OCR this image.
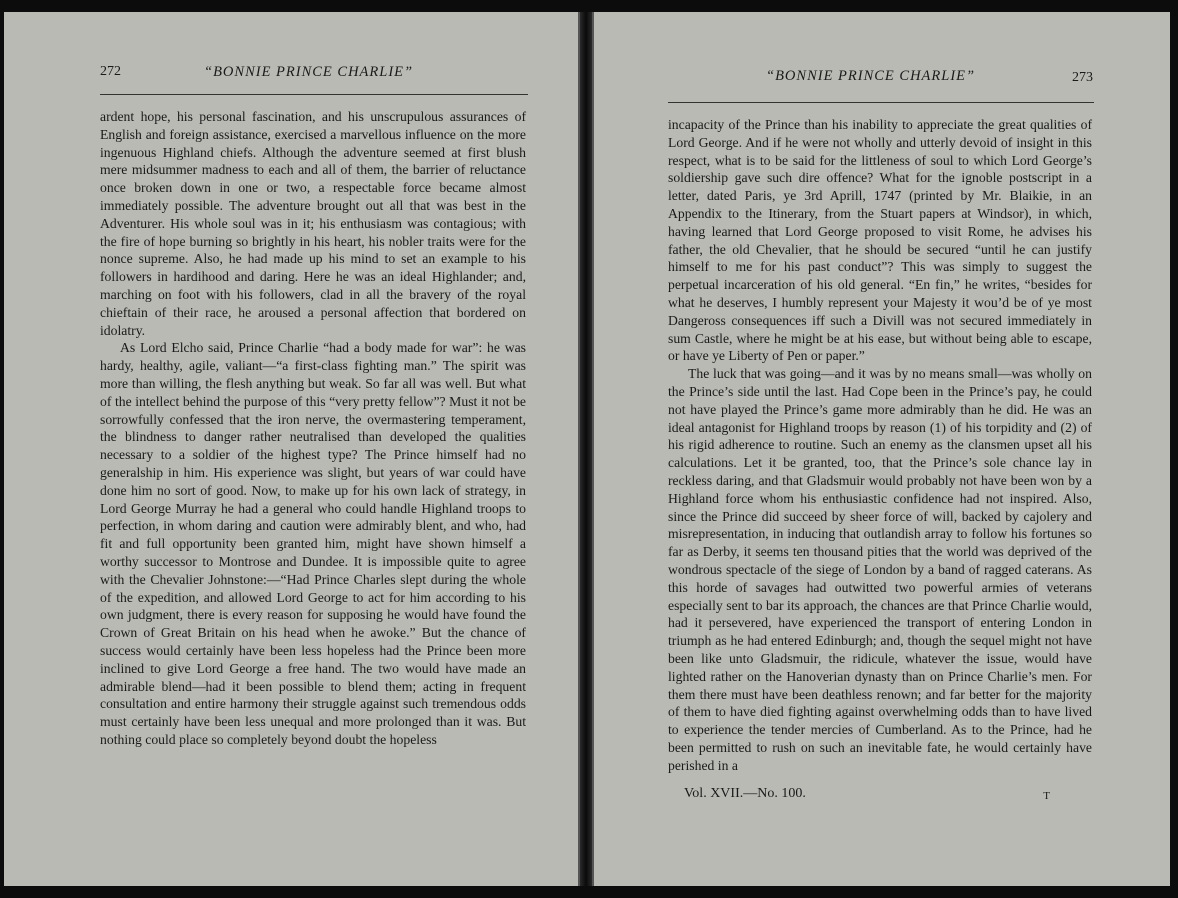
272	“BONNIE PRINCE CHARLIE”

ardent hope, his personal fascination, and his unscrupulous assurances of English and foreign assistance, exercised a marvellous influence on the more ingenuous Highland chiefs. Although the adventure seemed at first blush mere midsummer madness to each and all of them, the barrier of reluctance once broken down in one or two, a respectable force became almost immediately possible. The adventure brought out all that was best in the Adventurer. His whole soul was in it; his enthusiasm was contagious; with the fire of hope burning so brightly in his heart, his nobler traits were for the nonce supreme. Also, he had made up his mind to set an example to his followers in hardihood and daring. Here he was an ideal Highlander; and, marching on foot with his followers, clad in all the bravery of the royal chieftain of their race, he aroused a personal affection that bordered on idolatry.

As Lord Elcho said, Prince Charlie “had a body made for war”: he was hardy, healthy, agile, valiant—“a first-class fighting man.” The spirit was more than willing, the flesh anything but weak. So far all was well. But what of the intellect behind the purpose of this “very pretty fellow”? Must it not be sorrowfully confessed that the iron nerve, the overmastering temperament, the blindness to danger rather neutralised than developed the qualities necessary to a soldier of the highest type? The Prince himself had no generalship in him. His experience was slight, but years of war could have done him no sort of good. Now, to make up for his own lack of strategy, in Lord George Murray he had a general who could handle Highland troops to perfection, in whom daring and caution were admirably blent, and who, had fit and full opportunity been granted him, might have shown himself a worthy successor to Montrose and Dundee. It is impossible quite to agree with the Chevalier Johnstone:—“Had Prince Charles slept during the whole of the expedition, and allowed Lord George to act for him according to his own judgment, there is every reason for supposing he would have found the Crown of Great Britain on his head when he awoke.” But the chance of success would certainly have been less hopeless had the Prince been more inclined to give Lord George a free hand. The two would have made an admirable blend—had it been possible to blend them; acting in frequent consultation and entire harmony their struggle against such tremendous odds must certainly have been less unequal and more prolonged than it was. But nothing could place so completely beyond doubt the hopeless

“BONNIE PRINCE CHARLIE”	273

incapacity of the Prince than his inability to appreciate the great qualities of Lord George. And if he were not wholly and utterly devoid of insight in this respect, what is to be said for the littleness of soul to which Lord George’s soldiership gave such dire offence? What for the ignoble postscript in a letter, dated Paris, ye 3rd Aprill, 1747 (printed by Mr. Blaikie, in an Appendix to the Itinerary, from the Stuart papers at Windsor), in which, having learned that Lord George proposed to visit Rome, he advises his father, the old Chevalier, that he should be secured “until he can justify himself to me for his past conduct”? This was simply to suggest the perpetual incarceration of his old general. “En fin,” he writes, “besides for what he deserves, I humbly represent your Majesty it wou’d be of ye most Dangeross consequences iff such a Divill was not secured immediately in sum Castle, where he might be at his ease, but without being able to escape, or have ye Liberty of Pen or paper.”

The luck that was going—and it was by no means small—was wholly on the Prince’s side until the last. Had Cope been in the Prince’s pay, he could not have played the Prince’s game more admirably than he did. He was an ideal antagonist for Highland troops by reason (1) of his torpidity and (2) of his rigid adherence to routine. Such an enemy as the clansmen upset all his calculations. Let it be granted, too, that the Prince’s sole chance lay in reckless daring, and that Gladsmuir would probably not have been won by a Highland force whom his enthusiastic confidence had not inspired. Also, since the Prince did succeed by sheer force of will, backed by cajolery and misrepresentation, in inducing that outlandish array to follow his fortunes so far as Derby, it seems ten thousand pities that the world was deprived of the wondrous spectacle of the siege of London by a band of ragged caterans. As this horde of savages had outwitted two powerful armies of veterans especially sent to bar its approach, the chances are that Prince Charlie would, had it persevered, have experienced the transport of entering London in triumph as he had entered Edinburgh; and, though the sequel might not have been like unto Gladsmuir, the ridicule, whatever the issue, would have lighted rather on the Hanoverian dynasty than on Prince Charlie’s men. For them there must have been deathless renown; and far better for the majority of them to have died fighting against overwhelming odds than to have lived to experience the tender mercies of Cumberland. As to the Prince, had he been permitted to rush on such an inevitable fate, he would certainly have perished in a

Vol. XVII.—No. 100.	T
